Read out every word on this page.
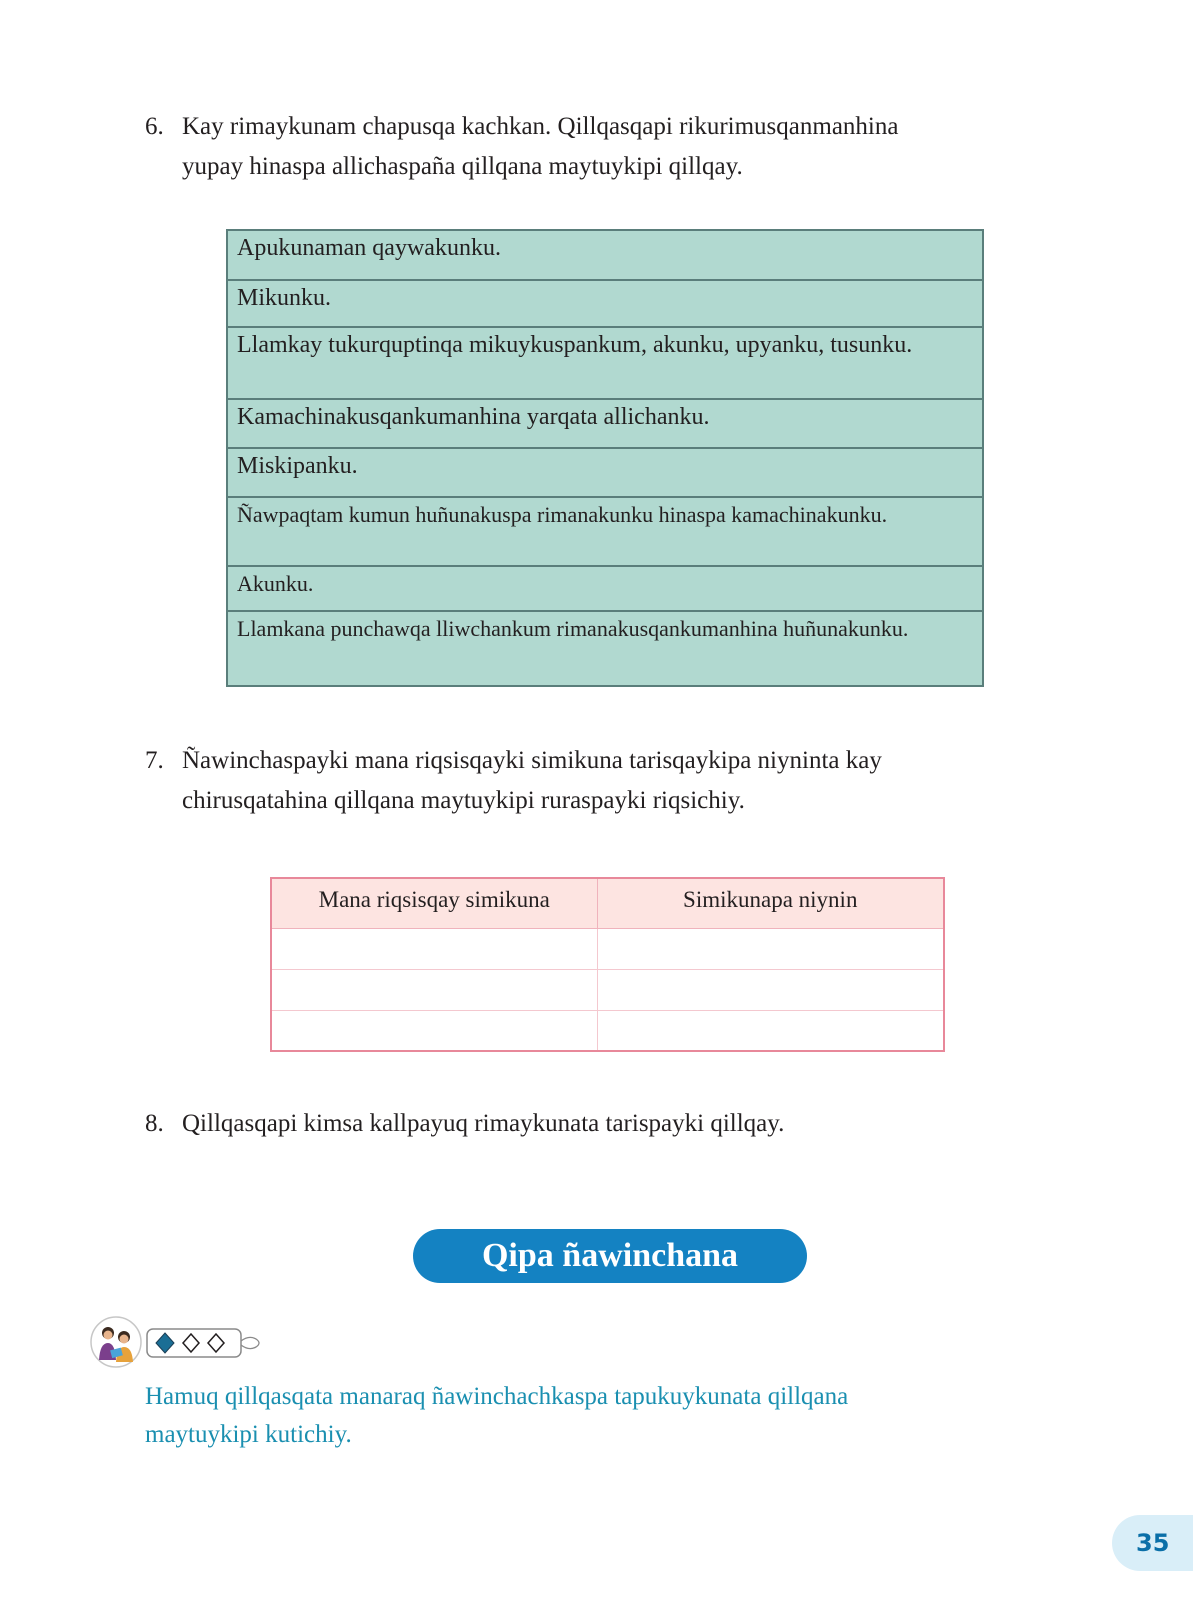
6. Kay rimaykunam chapusqa kachkan. Qillqasqapi rikurimusqanmanhina
yupay hinaspa allichaspaña qillqana maytuykipi qillqay.
Apukunaman qaywakunku.
Mikunku.
Llamkay tukurquptinqa mikuykuspankum, akunku, upyanku, tusunku.
Kamachinakusqankumanhina yarqata allichanku.
Miskipanku.
Ñawpaqtam kumun huñunakuspa rimanakunku hinaspa kamachinakunku.
Akunku.
Llamkana punchawqa lliwchankum rimanakusqankumanhina huñunakunku.
7. Ñawinchaspayki mana riqsisqayki simikuna tarisqaykipa niyninta kay
chirusqatahina qillqana maytuykipi ruraspayki riqsichiy.
Mana riqsisqay simikuna	Simikunapa niynin

8. Qillqasqapi kimsa kallpayuq rimaykunata tarispayki qillqay.
Qipa ñawinchana
Hamuq qillqasqata manaraq ñawinchachkaspa tapukuykunata qillqana
maytuykipi kutichiy.
35
